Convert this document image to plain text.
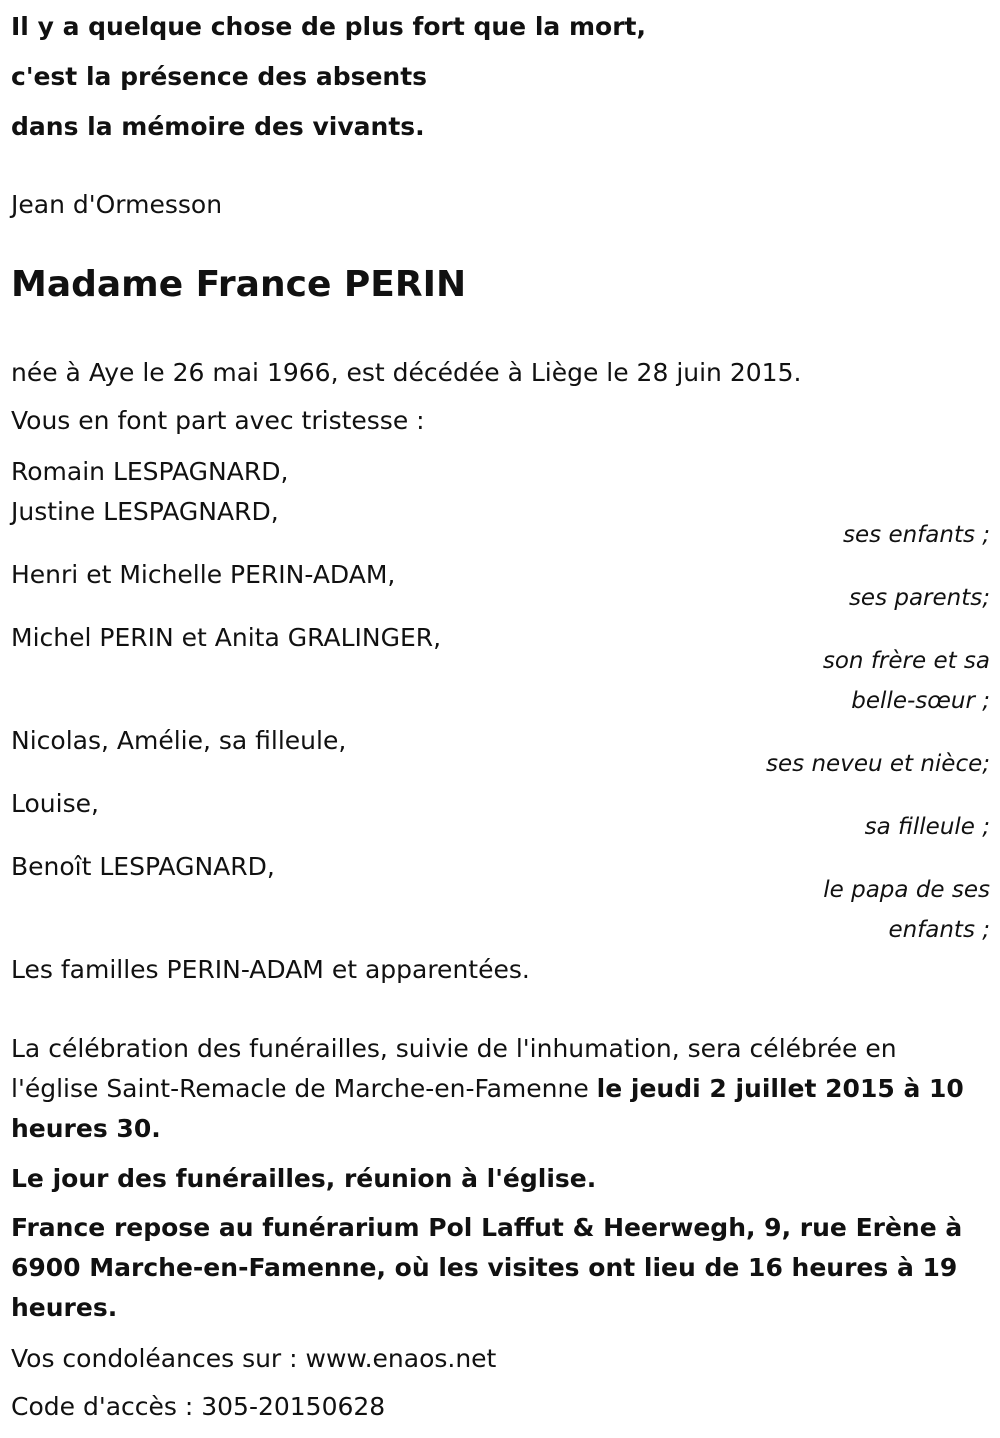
Il y a quelque chose de plus fort que la mort,
c'est la présence des absents
dans la mémoire des vivants.
Jean d'Ormesson
Madame France PERIN
née à Aye le 26 mai 1966, est décédée à Liège le 28 juin 2015.
Vous en font part avec tristesse :
Romain LESPAGNARD,
Justine LESPAGNARD,
ses enfants ;
Henri et Michelle PERIN-ADAM,
ses parents;
Michel PERIN et Anita GRALINGER,
son frère et sa
belle-sœur ;
Nicolas, Amélie, sa filleule,
ses neveu et nièce;
Louise,
sa filleule ;
Benoît LESPAGNARD,
le papa de ses
enfants ;
Les familles PERIN-ADAM et apparentées.
La célébration des funérailles, suivie de l'inhumation, sera célébrée en l'église Saint-Remacle de Marche-en-Famenne le jeudi 2 juillet 2015 à 10 heures 30.
Le jour des funérailles, réunion à l'église.
France repose au funérarium Pol Laffut & Heerwegh, 9, rue Erène à 6900 Marche-en-Famenne, où les visites ont lieu de 16 heures à 19 heures.
Vos condoléances sur : www.enaos.net
Code d'accès : 305-20150628
